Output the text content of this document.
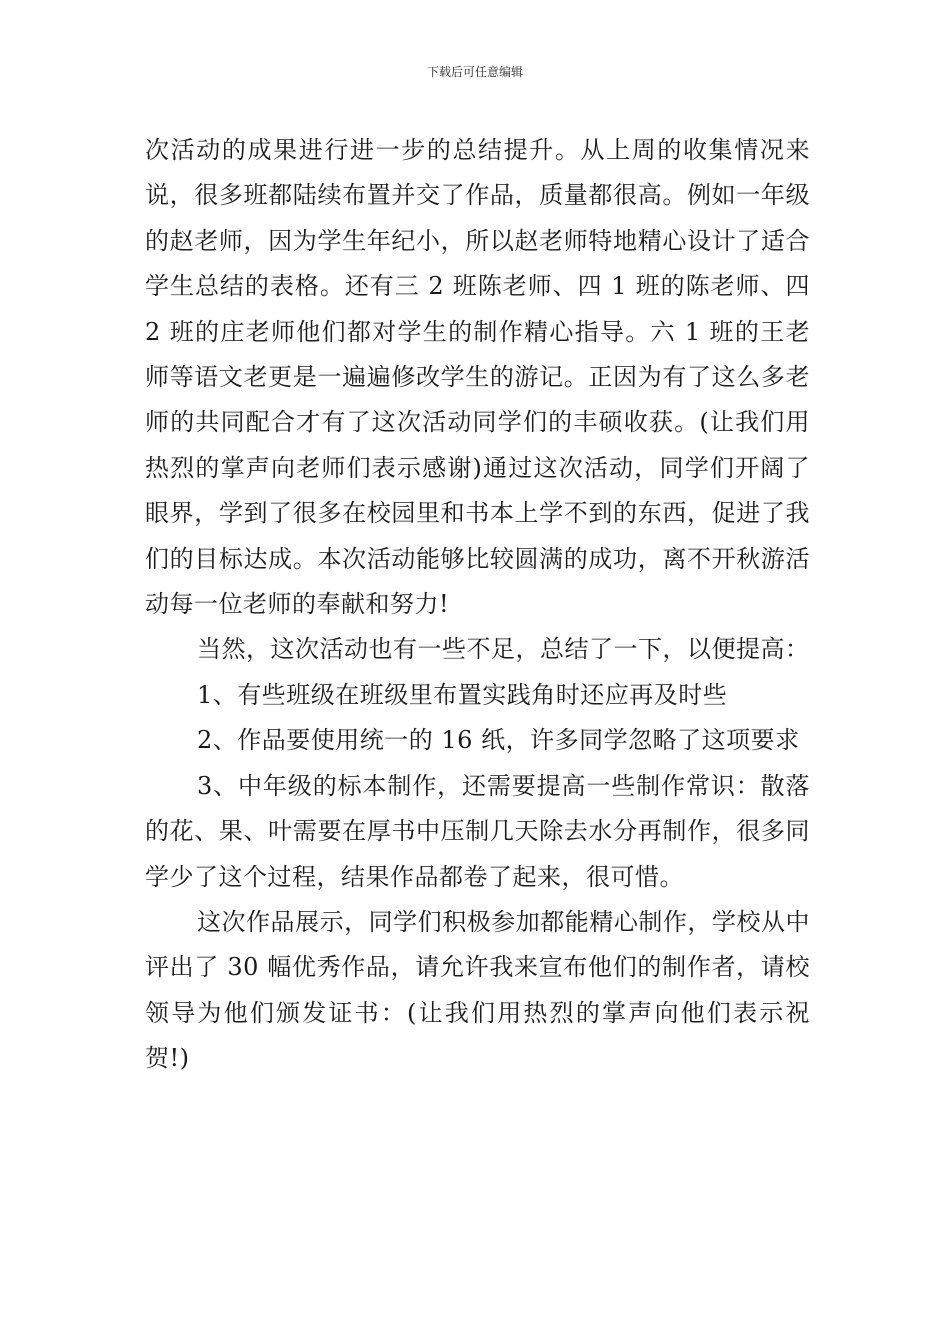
下载后可任意编辑

次活动的成果进行进一步的总结提升。从上周的收集情况来说，很多班都陆续布置并交了作品，质量都很高。例如一年级的赵老师，因为学生年纪小，所以赵老师特地精心设计了适合学生总结的表格。还有三 2 班陈老师、四 1 班的陈老师、四 2 班的庄老师他们都对学生的制作精心指导。六 1 班的王老师等语文老更是一遍遍修改学生的游记。正因为有了这么多老师的共同配合才有了这次活动同学们的丰硕收获。(让我们用热烈的掌声向老师们表示感谢)通过这次活动，同学们开阔了眼界，学到了很多在校园里和书本上学不到的东西，促进了我们的目标达成。本次活动能够比较圆满的成功，离不开秋游活动每一位老师的奉献和努力!

当然，这次活动也有一些不足，总结了一下，以便提高：

1、有些班级在班级里布置实践角时还应再及时些

2、作品要使用统一的 16 纸，许多同学忽略了这项要求

3、中年级的标本制作，还需要提高一些制作常识：散落的花、果、叶需要在厚书中压制几天除去水分再制作，很多同学少了这个过程，结果作品都卷了起来，很可惜。

这次作品展示，同学们积极参加都能精心制作，学校从中评出了 30 幅优秀作品，请允许我来宣布他们的制作者，请校领导为他们颁发证书：(让我们用热烈的掌声向他们表示祝贺!)
